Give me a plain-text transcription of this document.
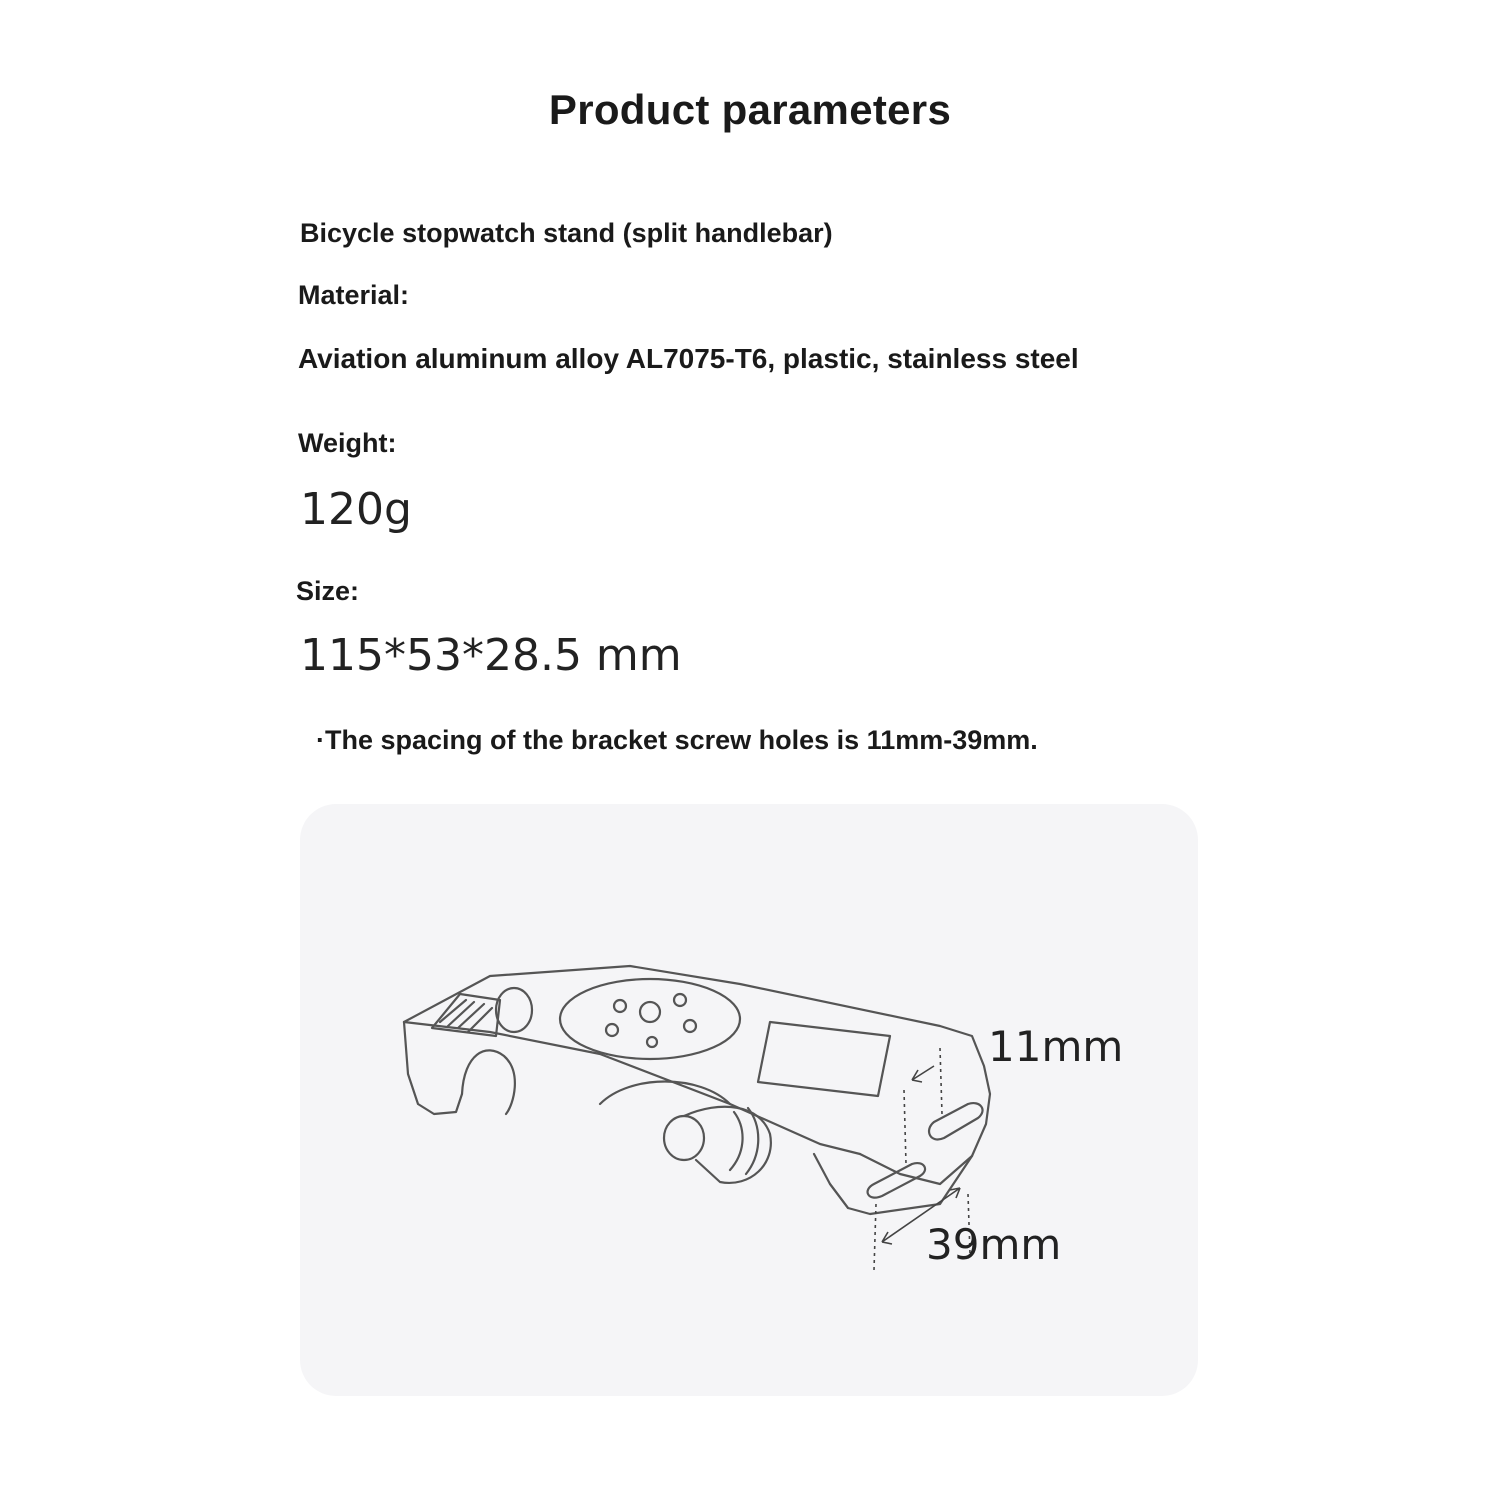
Product parameters
Bicycle stopwatch stand (split handlebar)
Material:
Aviation aluminum alloy AL7075-T6, plastic, stainless steel
Weight:
120g
Size:
115*53*28.5 mm
·The spacing of the bracket screw holes is 11mm-39mm.
11mm
39mm
